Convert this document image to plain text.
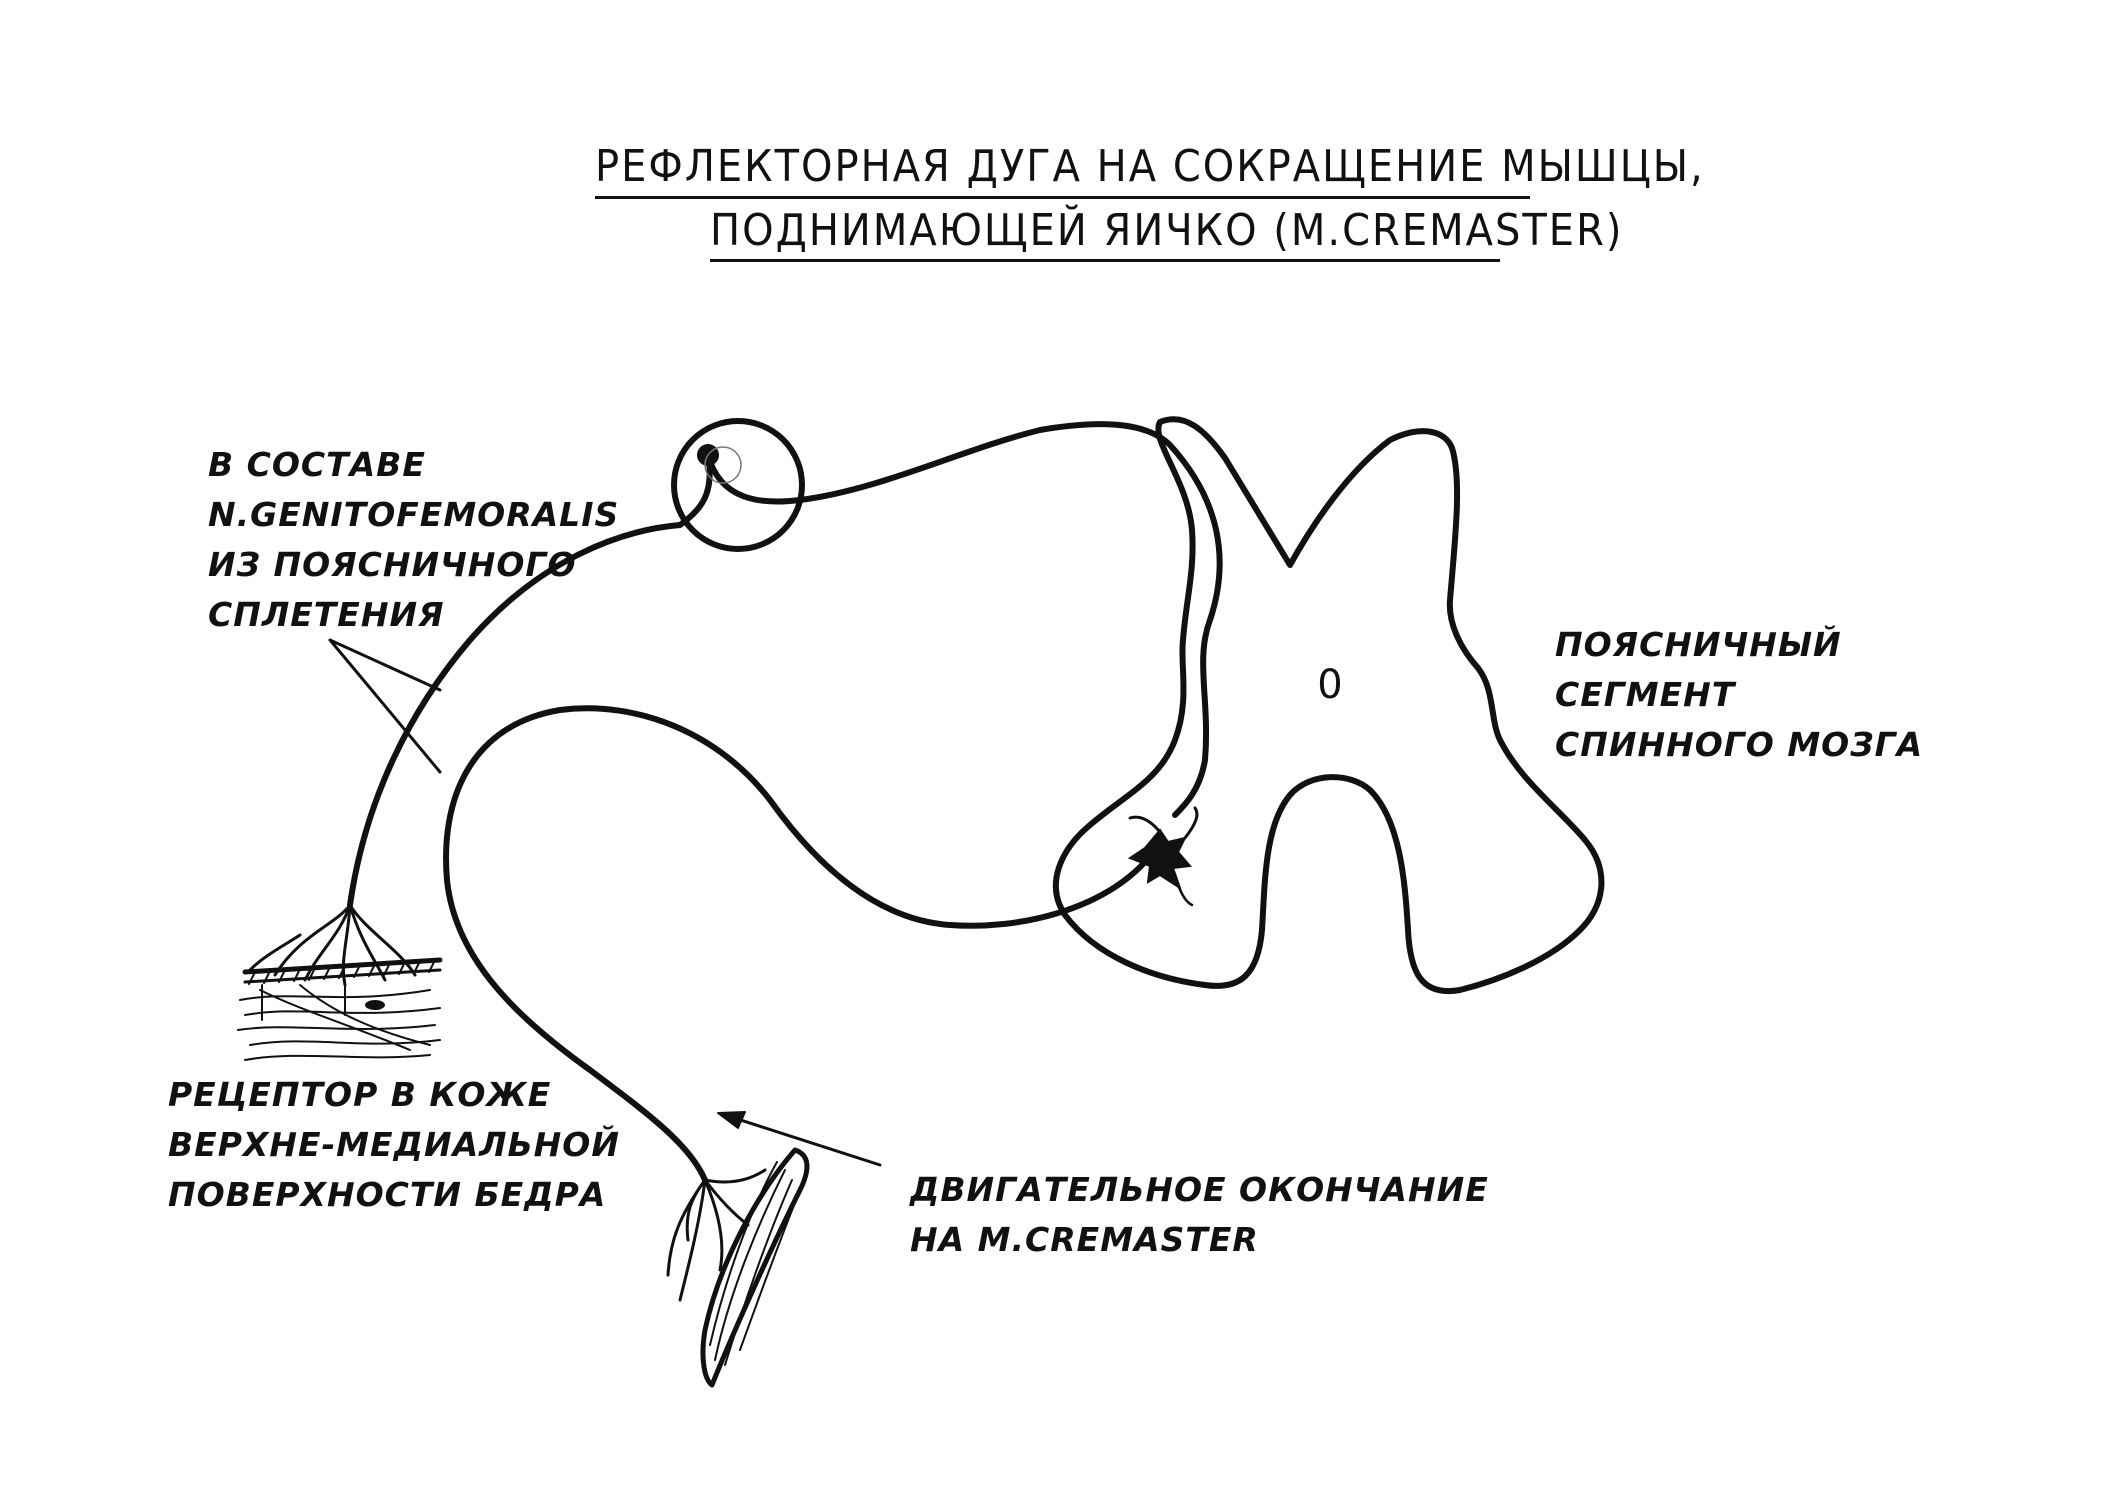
РЕФЛЕКТОРНАЯ ДУГА НА СОКРАЩЕНИЕ МЫШЦЫ,
ПОДНИМАЮЩЕЙ ЯИЧКО (М.CREMASTER)
0
В СОСТАВЕ
N.GENITOFEMORALIS
ИЗ ПОЯСНИЧНОГО
СПЛЕТЕНИЯ
ПОЯСНИЧНЫЙ
СЕГМЕНТ
СПИННОГО МОЗГА
РЕЦЕПТОР В КОЖЕ
ВЕРХНЕ-МЕДИАЛЬНОЙ
ПОВЕРХНОСТИ БЕДРА	ДВИГАТЕЛЬНОЕ ОКОНЧАНИЕ
НА М.CREMASTER
